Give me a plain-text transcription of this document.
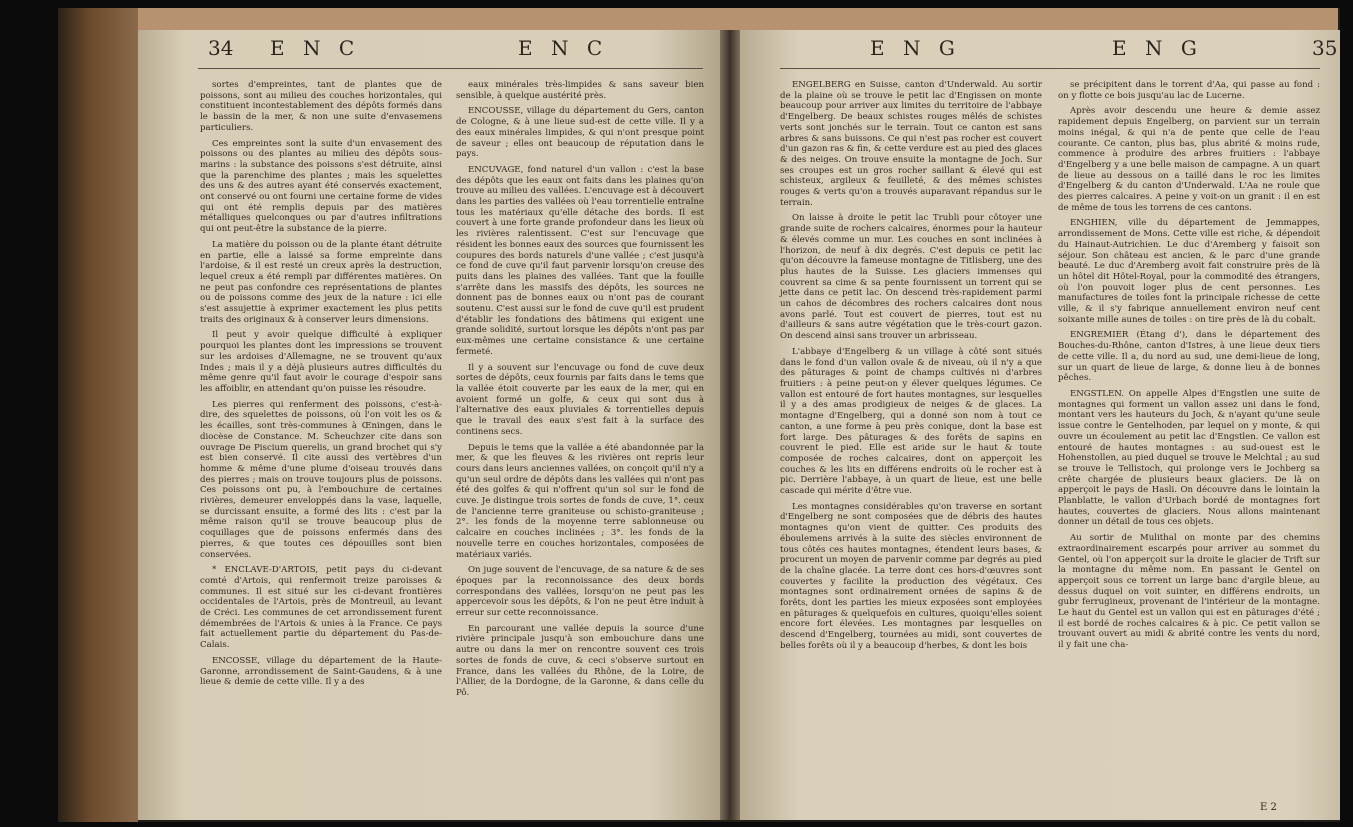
34 E N C	E N C

sortes d'empreintes, tant de plantes que de poissons, sont au milieu des couches horizontales, qui constituent incontestablement des dépôts formés dans le bassin de la mer, & non une suite d'envasemens particuliers.

Ces empreintes sont la suite d'un envasement des poissons ou des plantes au milieu des dépôts sous-marins : la substance des poissons s'est détruite, ainsi que la parenchime des plantes ; mais les squelettes des uns & des autres ayant été conservés exactement, ont conservé ou ont fourni une certaine forme de vides qui ont été remplis depuis par des matières métalliques quelconques ou par d'autres infiltrations qui ont peut-être la substance de la pierre.

La matière du poisson ou de la plante étant détruite en partie, elle a laissé sa forme empreinte dans l'ardoise, & il est resté un creux après la destruction, lequel creux a été rempli par différentes matières. On ne peut pas confondre ces représentations de plantes ou de poissons comme des jeux de la nature : ici elle s'est assujettie à exprimer exactement les plus petits traits des originaux & à conserver leurs dimensions.

Il peut y avoir quelque difficulté à expliquer pourquoi les plantes dont les impressions se trouvent sur les ardoises d'Allemagne, ne se trouvent qu'aux Indes ; mais il y a déjà plusieurs autres difficultés du même genre qu'il faut avoir le courage d'espoir sans les affoiblir, en attendant qu'on puisse les résoudre.

Les pierres qui renferment des poissons, c'est-à-dire, des squelettes de poissons, où l'on voit les os & les écailles, sont très-communes à Œningen, dans le diocèse de Constance. M. Scheuchzer cite dans son ouvrage De Piscium querelis, un grand brochet qui s'y est bien conservé. Il cite aussi des vertèbres d'un homme & même d'une plume d'oiseau trouvés dans des pierres ; mais on trouve toujours plus de poissons. Ces poissons ont pu, à l'embouchure de certaines rivières, demeurer enveloppés dans la vase, laquelle, se durcissant ensuite, a formé des lits : c'est par la même raison qu'il se trouve beaucoup plus de coquillages que de poissons enfermés dans des pierres, & que toutes ces dépouilles sont bien conservées.

* ENCLAVE-D'ARTOIS, petit pays du ci-devant comté d'Artois, qui renfermoit treize paroisses & communes. Il est situé sur les ci-devant frontières occidentales de l'Artois, près de Montreuil, au levant de Créci. Les communes de cet arrondissement furent démembrées de l'Artois & unies à la France. Ce pays fait actuellement partie du département du Pas-de-Calais.

ENCOSSE, village du département de la Haute-Garonne, arrondissement de Saint-Gaudens, & à une lieue & demie de cette ville. Il y a des

eaux minérales très-limpides & sans saveur bien sensible, à quelque austérité près.

ENCOUSSE, village du département du Gers, canton de Cologne, & à une lieue sud-est de cette ville. Il y a des eaux minérales limpides, & qui n'ont presque point de saveur ; elles ont beaucoup de réputation dans le pays.

ENCUVAGE, fond naturel d'un vallon : c'est la base des dépôts que les eaux ont faits dans les plaines qu'on trouve au milieu des vallées. L'encuvage est à découvert dans les parties des vallées où l'eau torrentielle entraîne tous les matériaux qu'elle détache des bords. Il est couvert à une forte grande profondeur dans les lieux où les rivières ralentissent. C'est sur l'encuvage que résident les bonnes eaux des sources que fournissent les coupures des bords naturels d'une vallée ; c'est jusqu'à ce fond de cuve qu'il faut parvenir lorsqu'on creuse des puits dans les plaines des vallées. Tant que la fouille s'arrête dans les massifs des dépôts, les sources ne donnent pas de bonnes eaux ou n'ont pas de courant soutenu. C'est aussi sur le fond de cuve qu'il est prudent d'établir les fondations des bâtimens qui exigent une grande solidité, surtout lorsque les dépôts n'ont pas par eux-mêmes une certaine consistance & une certaine fermeté.

Il y a souvent sur l'encuvage ou fond de cuve deux sortes de dépôts, ceux fournis par faits dans le tems que la vallée étoit couverte par les eaux de la mer, qui en avoient formé un golfe, & ceux qui sont dus à l'alternative des eaux pluviales & torrentielles depuis que le travail des eaux s'est fait à la surface des continens secs.

Depuis le tems que la vallée a été abandonnée par la mer, & que les fleuves & les rivières ont repris leur cours dans leurs anciennes vallées, on conçoit qu'il n'y a qu'un seul ordre de dépôts dans les vallées qui n'ont pas été des golfes & qui n'offrent qu'un sol sur le fond de cuve. Je distingue trois sortes de fonds de cuve, 1°. ceux de l'ancienne terre graniteuse ou schisto-graniteuse ; 2°. les fonds de la moyenne terre sablonneuse ou calcaire en couches inclinées ; 3°. les fonds de la nouvelle terre en couches horizontales, composées de matériaux variés.

On juge souvent de l'encuvage, de sa nature & de ses époques par la reconnoissance des deux bords correspondans des vallées, lorsqu'on ne peut pas les appercevoir sous les dépôts, & l'on ne peut être induit à erreur sur cette reconnoissance.

En parcourant une vallée depuis la source d'une rivière principale jusqu'à son embouchure dans une autre ou dans la mer on rencontre souvent ces trois sortes de fonds de cuve, & ceci s'observe surtout en France, dans les vallées du Rhône, de la Loire, de l'Allier, de la Dordogne, de la Garonne, & dans celle du Pô.

E N G	E N G	35

ENGELBERG en Suisse, canton d'Underwald. Au sortir de la plaine où se trouve le petit lac d'Engissen on monte beaucoup pour arriver aux limites du territoire de l'abbaye d'Engelberg. De beaux schistes rouges mêlés de schistes verts sont jonchés sur le terrain. Tout ce canton est sans arbres & sans buissons. Ce qui n'est pas rocher est couvert d'un gazon ras & fin, & cette verdure est au pied des glaces & des neiges. On trouve ensuite la montagne de Joch. Sur ses croupes est un gros rocher saillant & élevé qui est schisteux, argileux & feuilleté, & des mêmes schistes rouges & verts qu'on a trouvés auparavant répandus sur le terrain.

On laisse à droite le petit lac Trubli pour côtoyer une grande suite de rochers calcaires, énormes pour la hauteur & élevés comme un mur. Les couches en sont inclinées à l'horizon, de neuf à dix degrés. C'est depuis ce petit lac qu'on découvre la fameuse montagne de Titlisberg, une des plus hautes de la Suisse. Les glaciers immenses qui couvrent sa cime & sa pente fournissent un torrent qui se jette dans ce petit lac. On descend très-rapidement parmi un cahos de décombres des rochers calcaires dont nous avons parlé. Tout est couvert de pierres, tout est nu d'ailleurs & sans autre végétation que le très-court gazon. On descend ainsi sans trouver un arbrisseau.

L'abbaye d'Engelberg & un village à côté sont situés dans le fond d'un vallon ovale & de niveau, où il n'y a que des pâturages & point de champs cultivés ni d'arbres fruitiers : à peine peut-on y élever quelques légumes. Ce vallon est entouré de fort hautes montagnes, sur lesquelles il y a des amas prodigieux de neiges & de glaces. La montagne d'Engelberg, qui a donné son nom à tout ce canton, a une forme à peu près conique, dont la base est fort large. Des pâturages & des forêts de sapins en couvrent le pied. Elle est aride sur le haut & toute composée de roches calcaires, dont on apperçoit les couches & les lits en différens endroits où le rocher est à pic. Derrière l'abbaye, à un quart de lieue, est une belle cascade qui mérite d'être vue.

Les montagnes considérables qu'on traverse en sortant d'Engelberg ne sont composées que de débris des hautes montagnes qu'on vient de quitter. Ces produits des éboulemens arrivés à la suite des siècles environnent de tous côtés ces hautes montagnes, étendent leurs bases, & procurent un moyen de parvenir comme par degrés au pied de la chaîne glacée. La terre dont ces hors-d'œuvres sont couvertes y facilite la production des végétaux. Ces montagnes sont ordinairement ornées de sapins & de forêts, dont les parties les mieux exposées sont employées en pâturages & quelquefois en cultures, quoiqu'elles soient encore fort élevées. Les montagnes par lesquelles on descend d'Engelberg, tournées au midi, sont couvertes de belles forêts où il y a beaucoup d'herbes, & dont les bois

se précipitent dans le torrent d'Aa, qui passe au fond : on y flotte ce bois jusqu'au lac de Lucerne.

Après avoir descendu une heure & demie assez rapidement depuis Engelberg, on parvient sur un terrain moins inégal, & qui n'a de pente que celle de l'eau courante. Ce canton, plus bas, plus abrité & moins rude, commence à produire des arbres fruitiers : l'abbaye d'Engelberg y a une belle maison de campagne. A un quart de lieue au dessous on a taillé dans le roc les limites d'Engelberg & du canton d'Underwald. L'Aa ne roule que des pierres calcaires. A peine y voit-on un granit : il en est de même de tous les torrens de ces cantons.

ENGHIEN, ville du département de Jemmappes, arrondissement de Mons. Cette ville est riche, & dépendoit du Hainaut-Autrichien. Le duc d'Aremberg y faisoit son séjour. Son château est ancien, & le parc d'une grande beauté. Le duc d'Aremberg avoit fait construire près de là un hôtel dit Hôtel-Royal, pour la commodité des étrangers, où l'on pouvoit loger plus de cent personnes. Les manufactures de toiles font la principale richesse de cette ville, & il s'y fabrique annuellement environ neuf cent soixante mille aunes de toiles : on tire près de là du cobalt.

ENGREMIER (Étang d'), dans le département des Bouches-du-Rhône, canton d'Istres, à une lieue deux tiers de cette ville. Il a, du nord au sud, une demi-lieue de long, sur un quart de lieue de large, & donne lieu à de bonnes pêches.

ENGSTLEN. On appelle Alpes d'Engstlen une suite de montagnes qui forment un vallon assez uni dans le fond, montant vers les hauteurs du Joch, & n'ayant qu'une seule issue contre le Gentelhoden, par lequel on y monte, & qui ouvre un écoulement au petit lac d'Engstlen. Ce vallon est entouré de hautes montagnes : au sud-ouest est le Hohenstollen, au pied duquel se trouve le Melchtal ; au sud se trouve le Tellistoch, qui prolonge vers le Jochberg sa crête chargée de plusieurs beaux glaciers. De là on apperçoit le pays de Hasli. On découvre dans le lointain la Planblatte, le vallon d'Urbach bordé de montagnes fort hautes, couvertes de glaciers. Nous allons maintenant donner un détail de tous ces objets.

Au sortir de Mulithal on monte par des chemins extraordinairement escarpés pour arriver au sommet du Gentel, où l'on apperçoit sur la droite le glacier de Trift sur la montagne du même nom. En passant le Gentel on apperçoit sous ce torrent un large banc d'argile bleue, au dessus duquel on voit suinter, en différens endroits, un gubr ferrugineux, provenant de l'intérieur de la montagne. Le haut du Gentel est un vallon qui est en pâturages d'été ; il est bordé de roches calcaires & à pic. Ce petit vallon se trouvant ouvert au midi & abrité contre les vents du nord, il y fait une cha-

E 2
